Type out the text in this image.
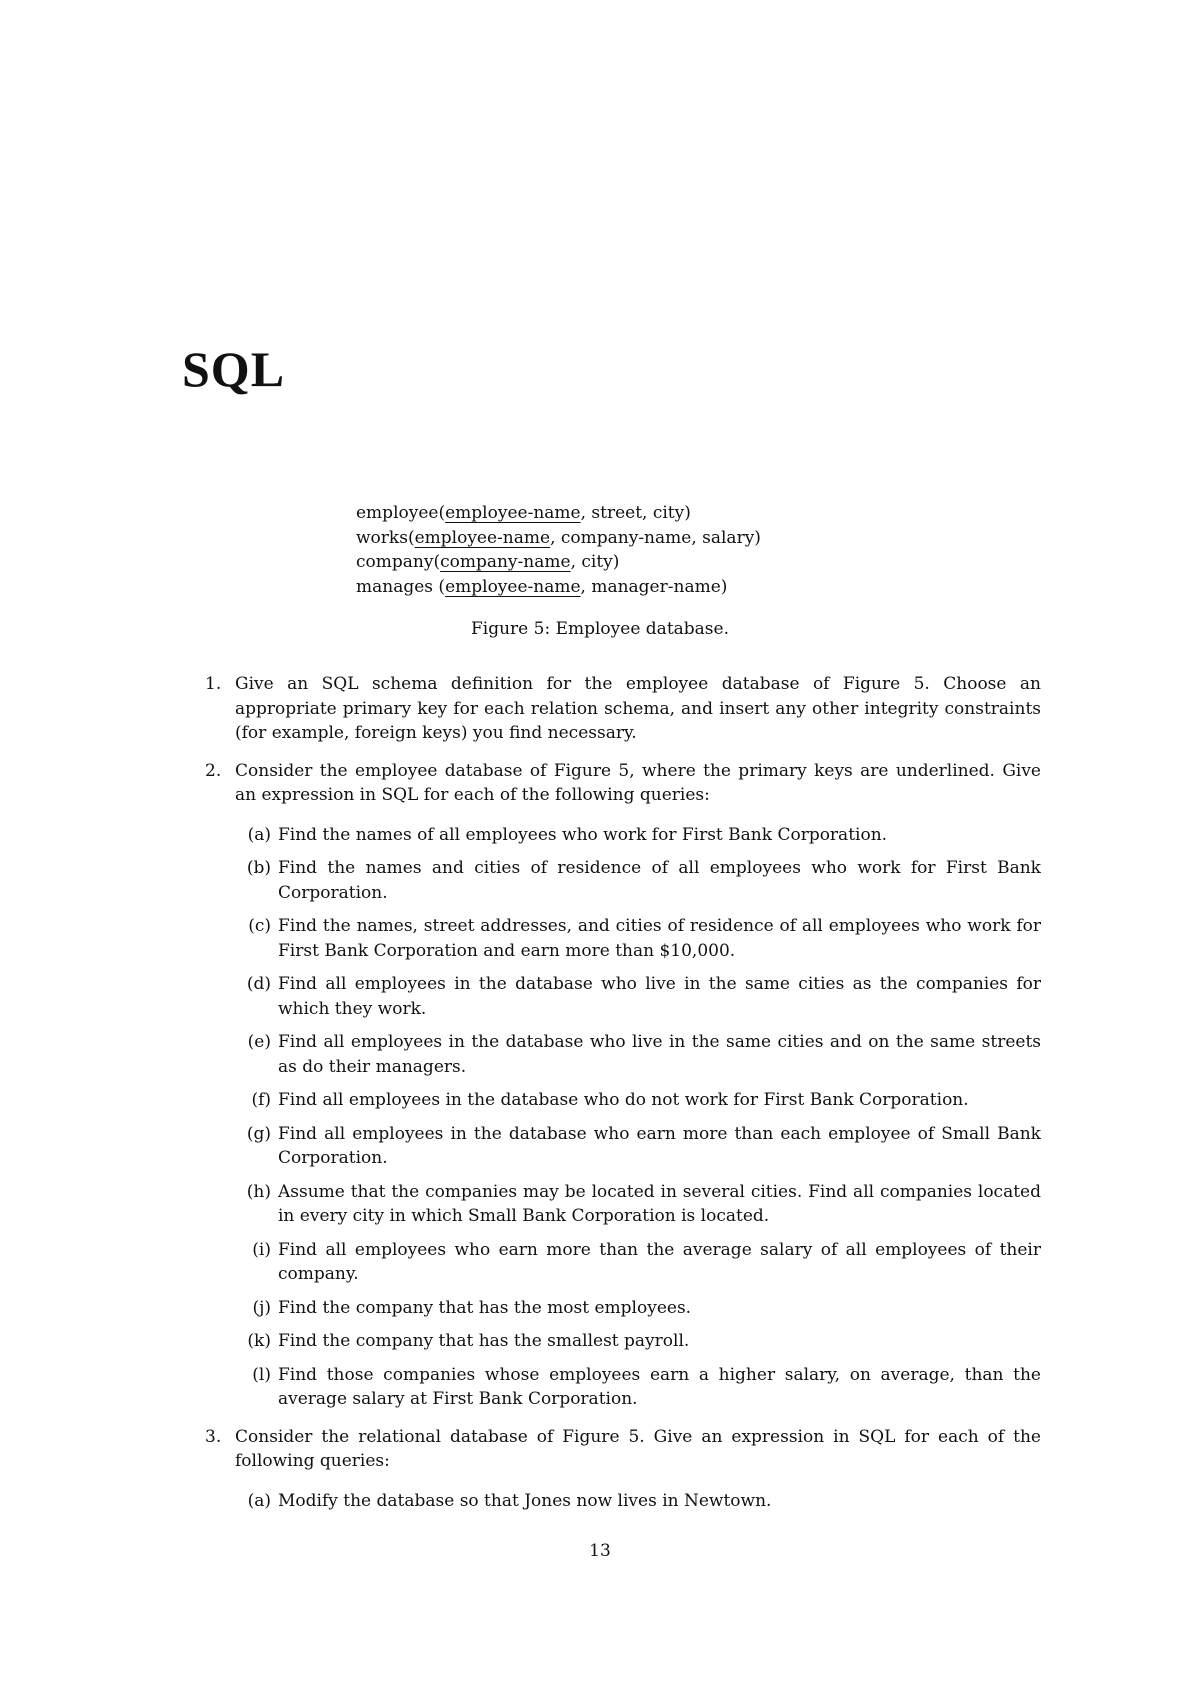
SQL
employee(employee-name, street, city)
works(employee-name, company-name, salary)
company(company-name, city)
manages (employee-name, manager-name)
Figure 5: Employee database.
1. Give an SQL schema definition for the employee database of Figure 5. Choose an appropriate primary key for each relation schema, and insert any other integrity constraints (for example, foreign keys) you find necessary.
2. Consider the employee database of Figure 5, where the primary keys are underlined. Give an expression in SQL for each of the following queries:
(a) Find the names of all employees who work for First Bank Corporation.
(b) Find the names and cities of residence of all employees who work for First Bank Corporation.
(c) Find the names, street addresses, and cities of residence of all employees who work for First Bank Corporation and earn more than $10,000.
(d) Find all employees in the database who live in the same cities as the companies for which they work.
(e) Find all employees in the database who live in the same cities and on the same streets as do their managers.
(f) Find all employees in the database who do not work for First Bank Corporation.
(g) Find all employees in the database who earn more than each employee of Small Bank Corporation.
(h) Assume that the companies may be located in several cities. Find all companies located in every city in which Small Bank Corporation is located.
(i) Find all employees who earn more than the average salary of all employees of their company.
(j) Find the company that has the most employees.
(k) Find the company that has the smallest payroll.
(l) Find those companies whose employees earn a higher salary, on average, than the average salary at First Bank Corporation.
3. Consider the relational database of Figure 5. Give an expression in SQL for each of the following queries:
(a) Modify the database so that Jones now lives in Newtown.
13
